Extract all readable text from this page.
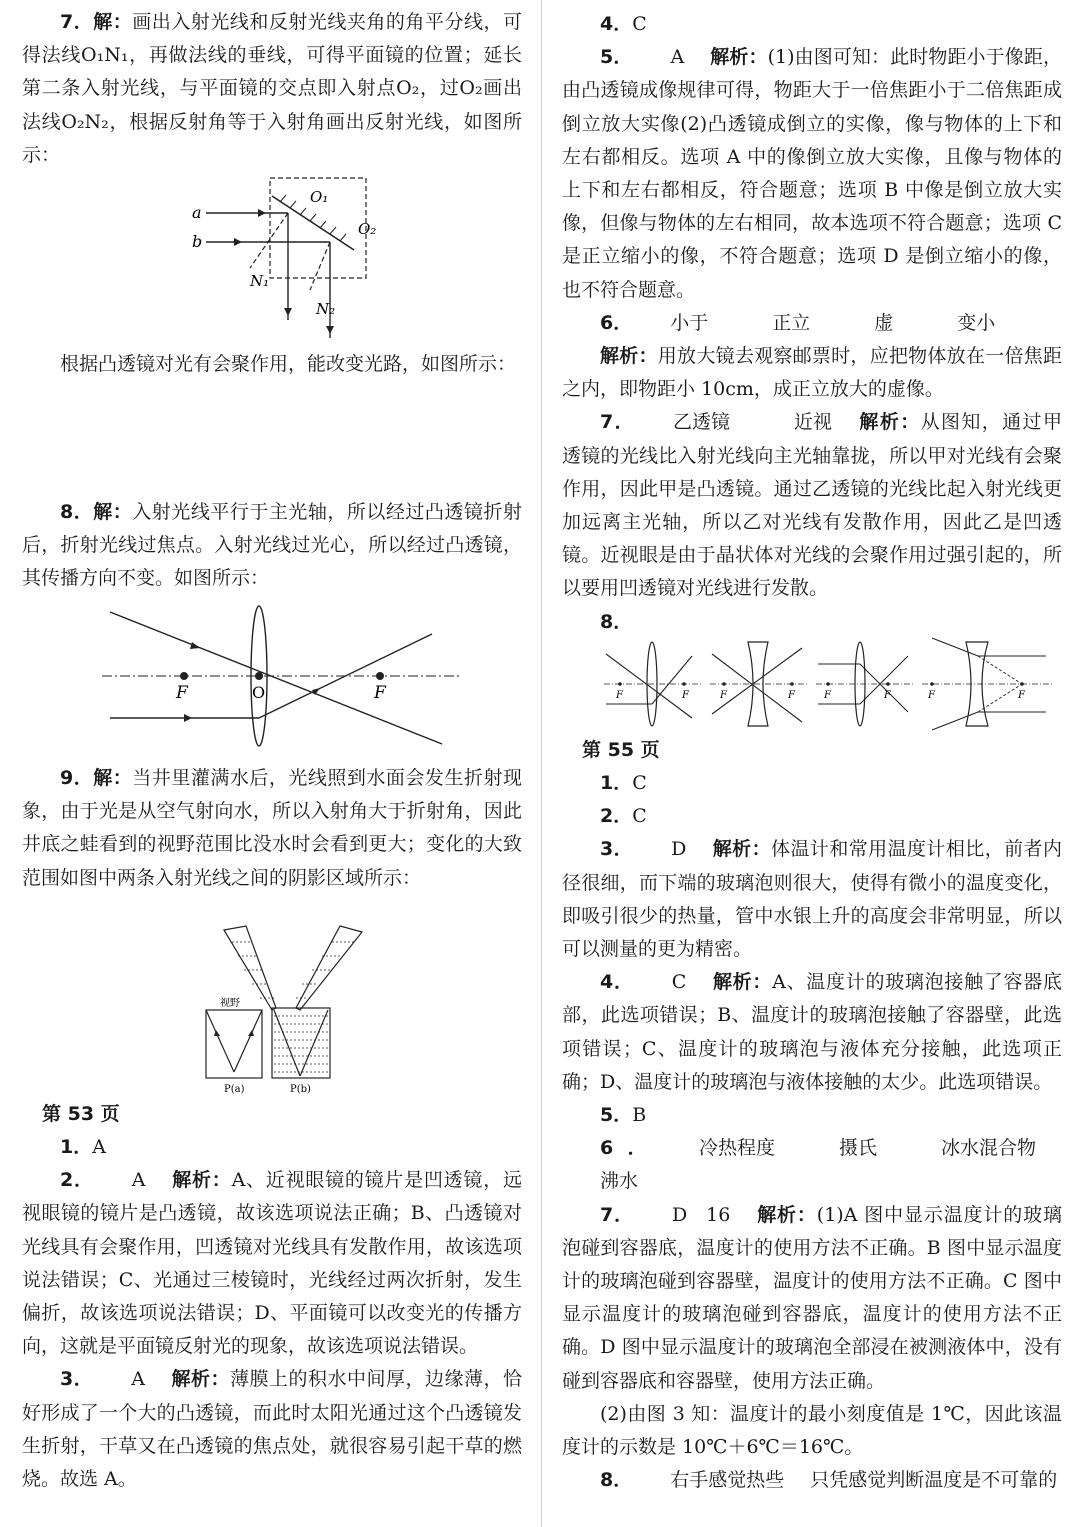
7．解：画出入射光线和反射光线夹角的角平分线，可得法线O₁N₁，再做法线的垂线，可得平面镜的位置；延长第二条入射光线，与平面镜的交点即入射点O₂，过O₂画出法线O₂N₂，根据反射角等于入射角画出反射光线，如图所示：

a
b
O₁
O₂
N₁
N₂

根据凸透镜对光有会聚作用，能改变光路，如图所示：

8．解：入射光线平行于主光轴，所以经过凸透镜折射后，折射光线过焦点。入射光线过光心，所以经过凸透镜，其传播方向不变。如图所示：

F	O	F

9．解：当井里灌满水后，光线照到水面会发生折射现象，由于光是从空气射向水，所以入射角大于折射角，因此井底之蛙看到的视野范围比没水时会看到更大；变化的大致范围如图中两条入射光线之间的阴影区域所示：

视野
P(a)	P(b)

第 53 页

1．A

2． A 解析：A、近视眼镜的镜片是凹透镜，远视眼镜的镜片是凸透镜，故该选项说法正确；B、凸透镜对光线具有会聚作用，凹透镜对光线具有发散作用，故该选项说法错误；C、光通过三棱镜时，光线经过两次折射，发生偏折，故该选项说法错误；D、平面镜可以改变光的传播方向，这就是平面镜反射光的现象，故该选项说法错误。

3． A 解析：薄膜上的积水中间厚，边缘薄，恰好形成了一个大的凸透镜，而此时太阳光通过这个凸透镜发生折射，干草又在凸透镜的焦点处，就很容易引起干草的燃烧。故选 A。

4．C

5． A 解析：(1)由图可知：此时物距小于像距，由凸透镜成像规律可得，物距大于一倍焦距小于二倍焦距成倒立放大实像(2)凸透镜成倒立的实像，像与物体的上下和左右都相反。选项 A 中的像倒立放大实像，且像与物体的上下和左右都相反，符合题意；选项 B 中像是倒立放大实像，但像与物体的左右相同，故本选项不符合题意；选项 C 是正立缩小的像，不符合题意；选项 D 是倒立缩小的像，也不符合题意。

6． 小于	正立	虚	变小

解析：用放大镜去观察邮票时，应把物体放在一倍焦距之内，即物距小 10cm，成正立放大的虚像。

7． 乙透镜	近视 解析：从图知，通过甲透镜的光线比入射光线向主光轴靠拢，所以甲对光线有会聚作用，因此甲是凸透镜。通过乙透镜的光线比起入射光线更加远离主光轴，所以乙对光线有发散作用，因此乙是凹透镜。近视眼是由于晶状体对光线的会聚作用过强引起的，所以要用凹透镜对光线进行发散。

8．

F	F	F	F	F	F	F	F

第 55 页

1．C

2．C

3． D 解析：体温计和常用温度计相比，前者内径很细，而下端的玻璃泡则很大，使得有微小的温度变化，即吸引很少的热量，管中水银上升的高度会非常明显，所以可以测量的更为精密。

4． C 解析：A、温度计的玻璃泡接触了容器底部，此选项错误；B、温度计的玻璃泡接触了容器壁，此选项错误；C、温度计的玻璃泡与液体充分接触，此选项正确；D、温度计的玻璃泡与液体接触的太少。此选项错误。

5．B

6． 冷热程度	摄氏	冰水混合物沸水

7． D　16 解析：(1)A 图中显示温度计的玻璃泡碰到容器底，温度计的使用方法不正确。B 图中显示温度计的玻璃泡碰到容器壁，温度计的使用方法不正确。C 图中显示温度计的玻璃泡碰到容器底，温度计的使用方法不正确。D 图中显示温度计的玻璃泡全部浸在被测液体中，没有碰到容器底和容器壁，使用方法正确。

(2)由图 3 知：温度计的最小刻度值是 1℃，因此该温度计的示数是 10℃＋6℃＝16℃。

8． 右手感觉热些 只凭感觉判断温度是不可靠的
